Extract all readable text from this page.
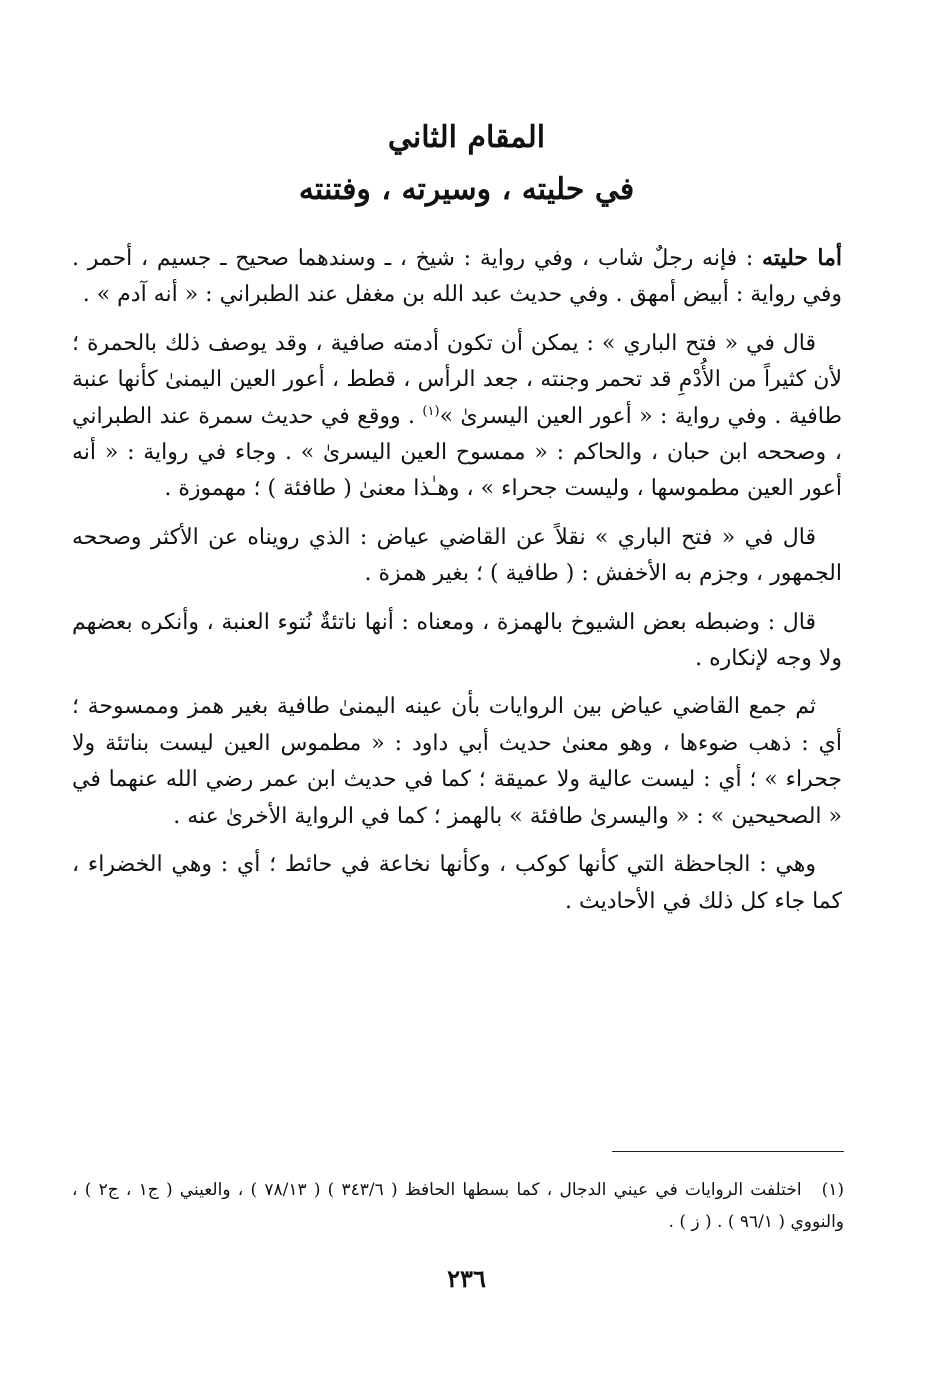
المقام الثاني
في حليته ، وسيرته ، وفتنته

أما حليته : فإنه رجلٌ شاب ، وفي رواية : شيخ ، ـ وسندهما صحيح ـ جسيم ، أحمر . وفي رواية : أبيض أمهق . وفي حديث عبد الله بن مغفل عند الطبراني : « أنه آدم » .

قال في « فتح الباري » : يمكن أن تكون أدمته صافية ، وقد يوصف ذلك بالحمرة ؛ لأن كثيراً من الأُدْمِ قد تحمر وجنته ، جعد الرأس ، قطط ، أعور العين اليمنىٰ كأنها عنبة طافية . وفي رواية : « أعور العين اليسرىٰ »$^{(١)}$ . ووقع في حديث سمرة عند الطبراني ، وصححه ابن حبان ، والحاكم : « ممسوح العين اليسرىٰ » . وجاء في رواية : « أنه أعور العين مطموسها ، وليست جحراء » ، وهـٰذا معنىٰ ( طافئة ) ؛ مهموزة .

قال في « فتح الباري » نقلاً عن القاضي عياض : الذي رويناه عن الأكثر وصححه الجمهور ، وجزم به الأخفش : ( طافية ) ؛ بغير همزة .

قال : وضبطه بعض الشيوخ بالهمزة ، ومعناه : أنها ناتئةٌ نُتوء العنبة ، وأنكره بعضهم ولا وجه لإنكاره .

ثم جمع القاضي عياض بين الروايات بأن عينه اليمنىٰ طافية بغير همز وممسوحة ؛ أي : ذهب ضوءها ، وهو معنىٰ حديث أبي داود : « مطموس العين ليست بناتئة ولا جحراء » ؛ أي : ليست عالية ولا عميقة ؛ كما في حديث ابن عمر رضي الله عنهما في « الصحيحين » : « واليسرىٰ طافئة » بالهمز ؛ كما في الرواية الأخرىٰ عنه .

وهي : الجاحظة التي كأنها كوكب ، وكأنها نخاعة في حائط ؛ أي : وهي الخضراء ، كما جاء كل ذلك في الأحاديث .

(١)اختلفت الروايات في عيني الدجال ، كما بسطها الحافظ ( ٣٤٣/٦ ) ( ٧٨/١٣ ) ، والعيني ( ج١ ، ج٢ ) ، والنووي ( ٩٦/١ ) . ( ز ) .

٢٣٦
